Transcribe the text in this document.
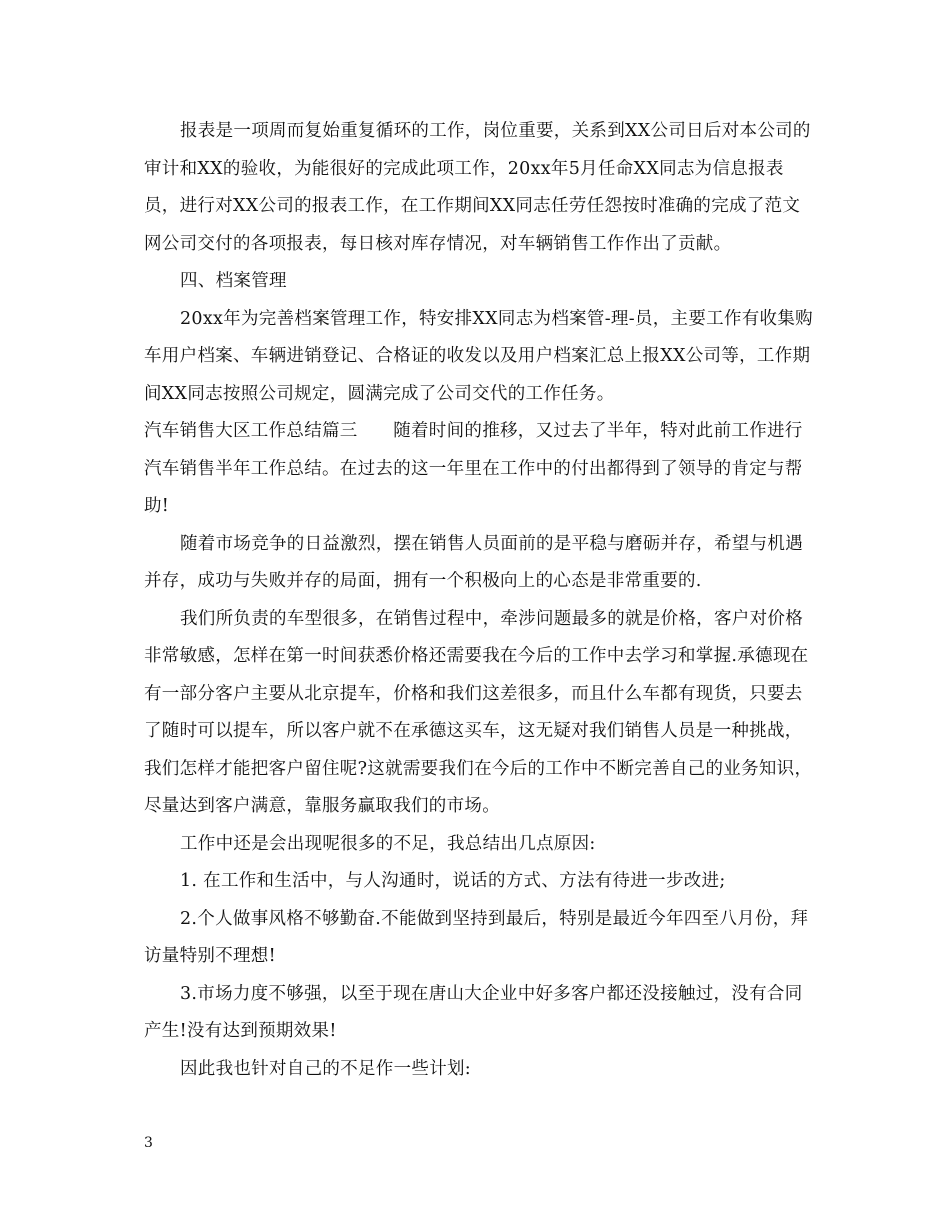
报表是一项周而复始重复循环的工作，岗位重要，关系到XX公司日后对本公司的审计和XX的验收，为能很好的完成此项工作，20xx年5月任命XX同志为信息报表员，进行对XX公司的报表工作，在工作期间XX同志任劳任怨按时准确的完成了范文网公司交付的各项报表，每日核对库存情况，对车辆销售工作作出了贡献。

四、档案管理

20xx年为完善档案管理工作，特安排XX同志为档案管-理-员，主要工作有收集购车用户档案、车辆进销登记、合格证的收发以及用户档案汇总上报XX公司等，工作期间XX同志按照公司规定，圆满完成了公司交代的工作任务。

汽车销售大区工作总结篇三　　随着时间的推移，又过去了半年，特对此前工作进行汽车销售半年工作总结。在过去的这一年里在工作中的付出都得到了领导的肯定与帮助!

随着市场竞争的日益激烈，摆在销售人员面前的是平稳与磨砺并存，希望与机遇并存，成功与失败并存的局面，拥有一个积极向上的心态是非常重要的.

我们所负责的车型很多，在销售过程中，牵涉问题最多的就是价格，客户对价格非常敏感，怎样在第一时间获悉价格还需要我在今后的工作中去学习和掌握.承德现在有一部分客户主要从北京提车，价格和我们这差很多，而且什么车都有现货，只要去了随时可以提车，所以客户就不在承德这买车，这无疑对我们销售人员是一种挑战，我们怎样才能把客户留住呢?这就需要我们在今后的工作中不断完善自己的业务知识，尽量达到客户满意，靠服务赢取我们的市场。

工作中还是会出现呢很多的不足，我总结出几点原因:

1. 在工作和生活中，与人沟通时，说话的方式、方法有待进一步改进;

2.个人做事风格不够勤奋.不能做到坚持到最后，特别是最近今年四至八月份，拜访量特别不理想!

3.市场力度不够强，以至于现在唐山大企业中好多客户都还没接触过，没有合同产生!没有达到预期效果!

因此我也针对自己的不足作一些计划:

3
